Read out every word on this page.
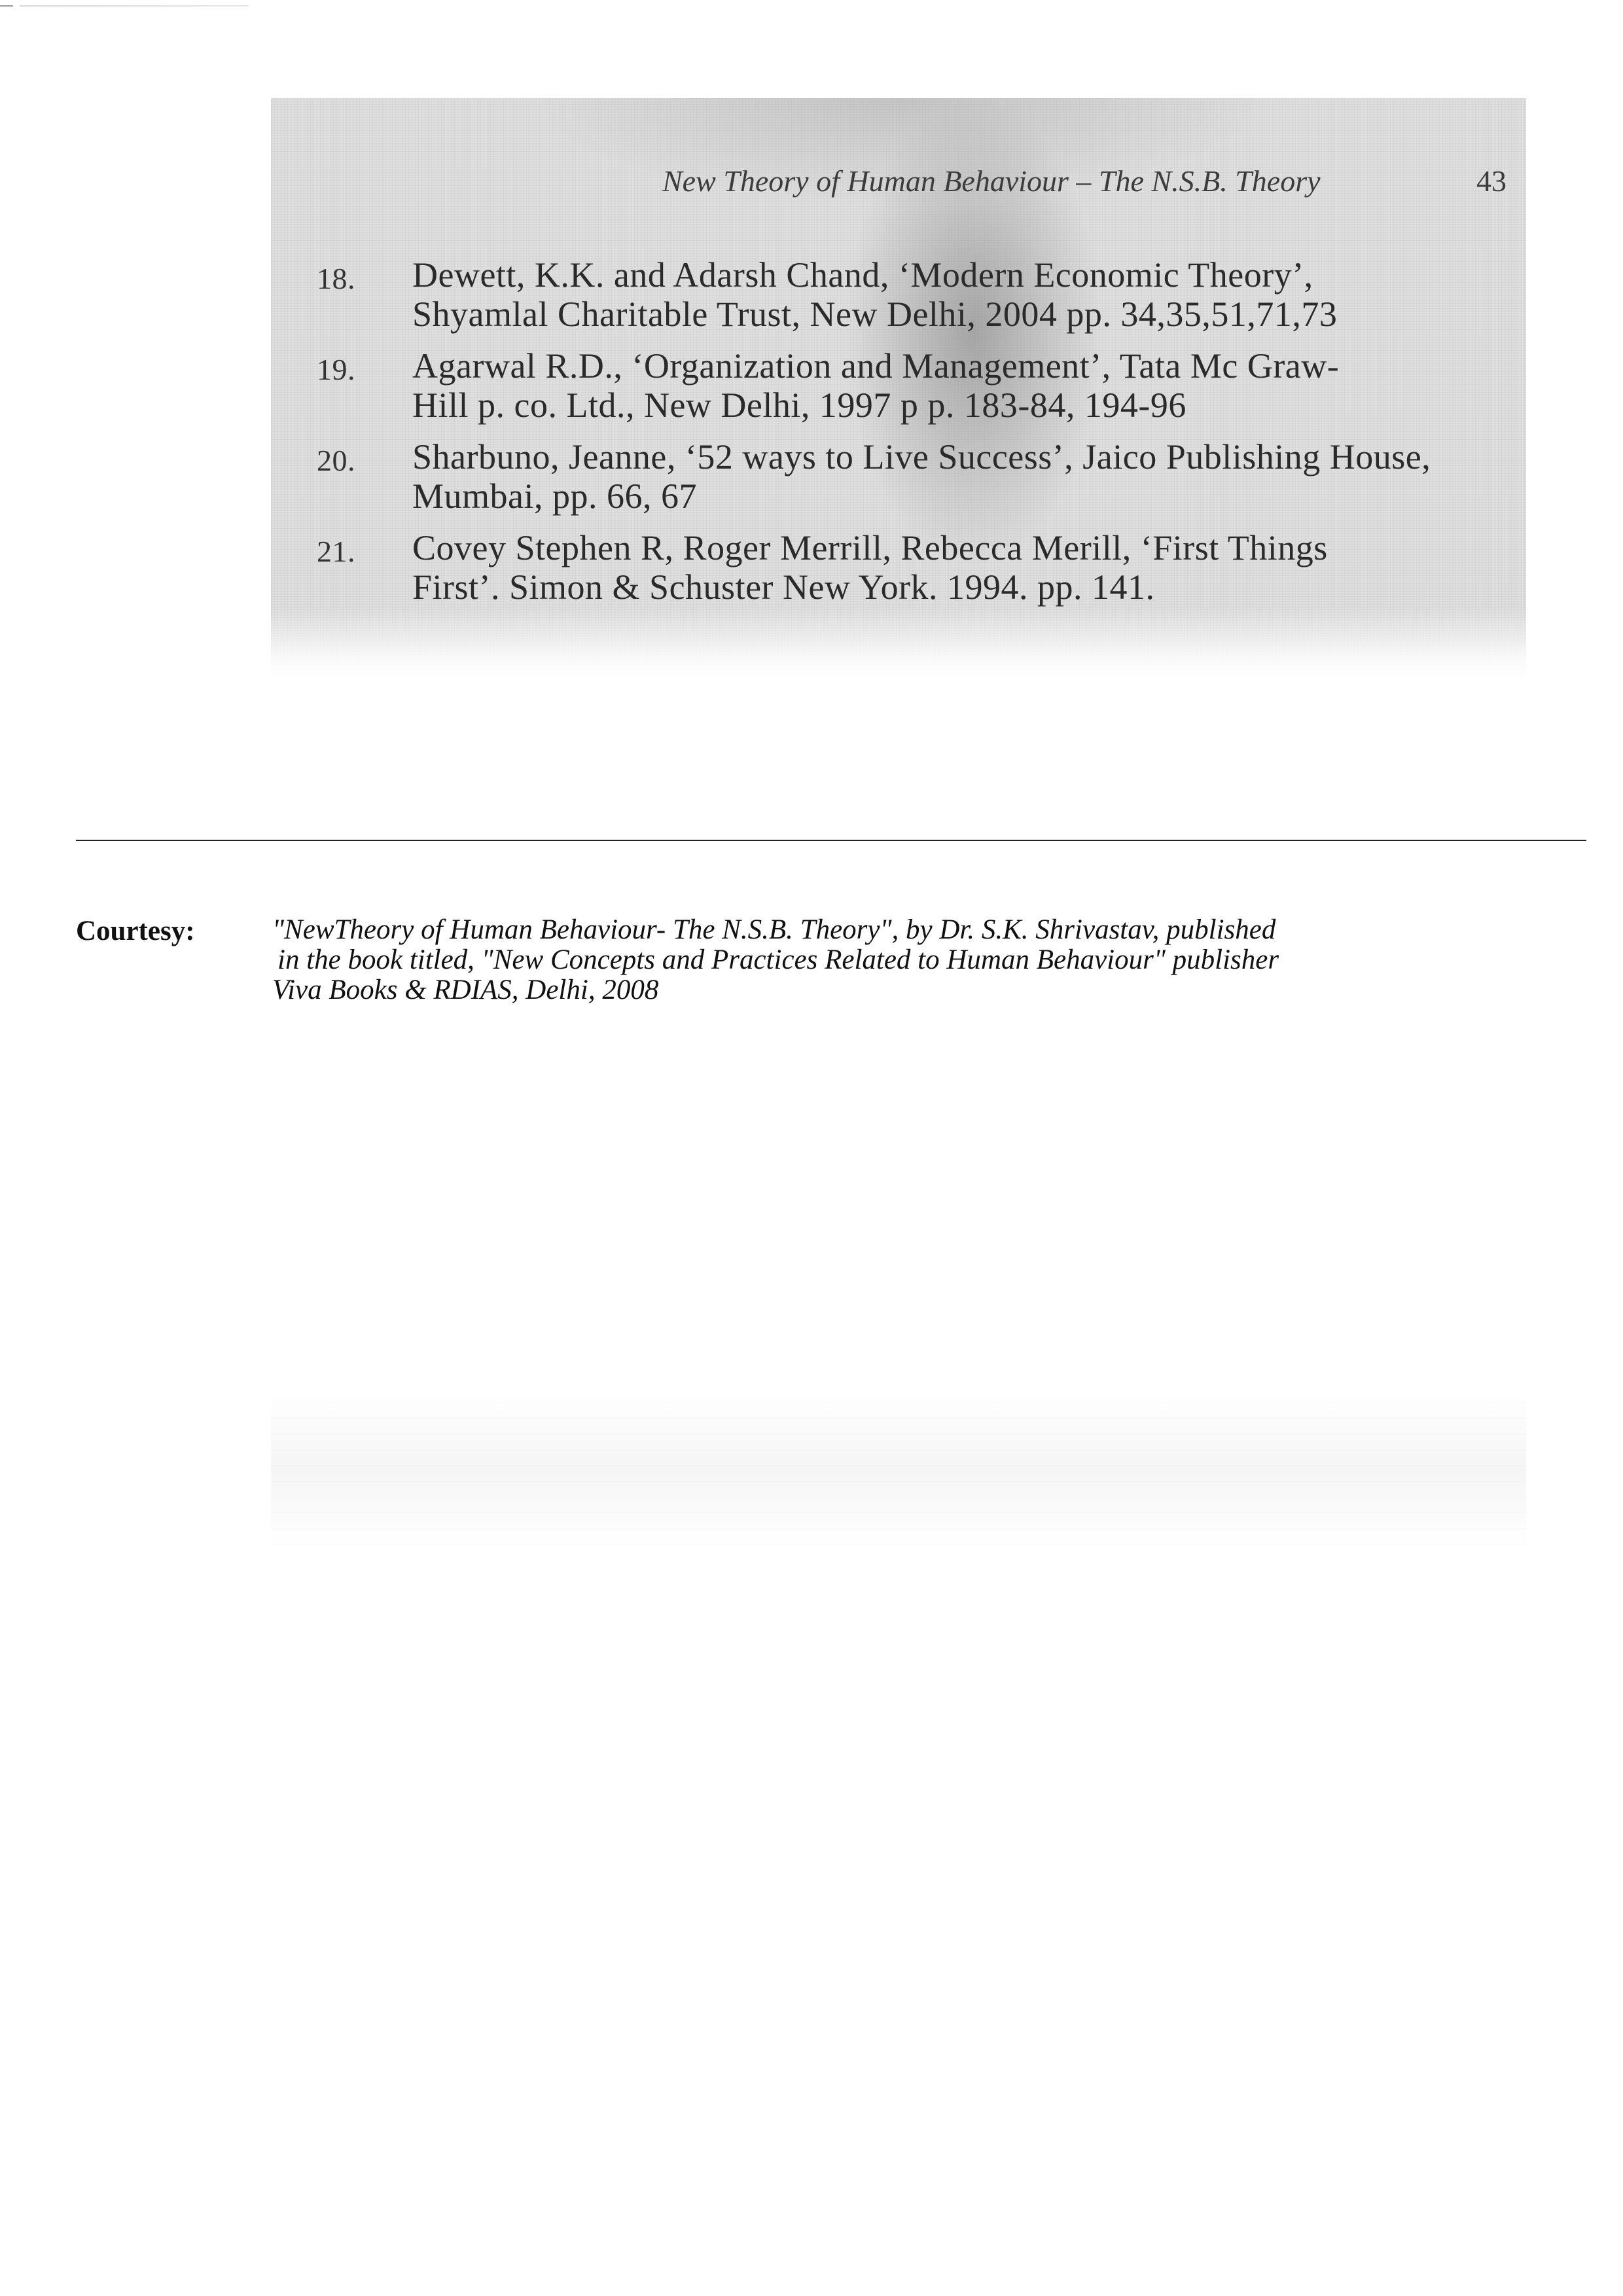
New Theory of Human Behaviour – The N.S.B. Theory	43
18.	Dewett, K.K. and Adarsh Chand, ‘Modern Economic Theory’,
Shyamlal Charitable Trust, New Delhi, 2004 pp. 34,35,51,71,73
19.	Agarwal R.D., ‘Organization and Management’, Tata Mc Graw-
Hill p. co. Ltd., New Delhi, 1997 p p. 183-84, 194-96
20.	Sharbuno, Jeanne, ‘52 ways to Live Success’, Jaico Publishing House,
Mumbai, pp. 66, 67
21.	Covey Stephen R, Roger Merrill, Rebecca Merill, ‘First Things
First’. Simon & Schuster New York. 1994. pp. 141.
Courtesy:	"NewTheory of Human Behaviour- The N.S.B. Theory", by Dr. S.K. Shrivastav, published
in the book titled, "New Concepts and Practices Related to Human Behaviour" publisher
Viva Books & RDIAS, Delhi, 2008
